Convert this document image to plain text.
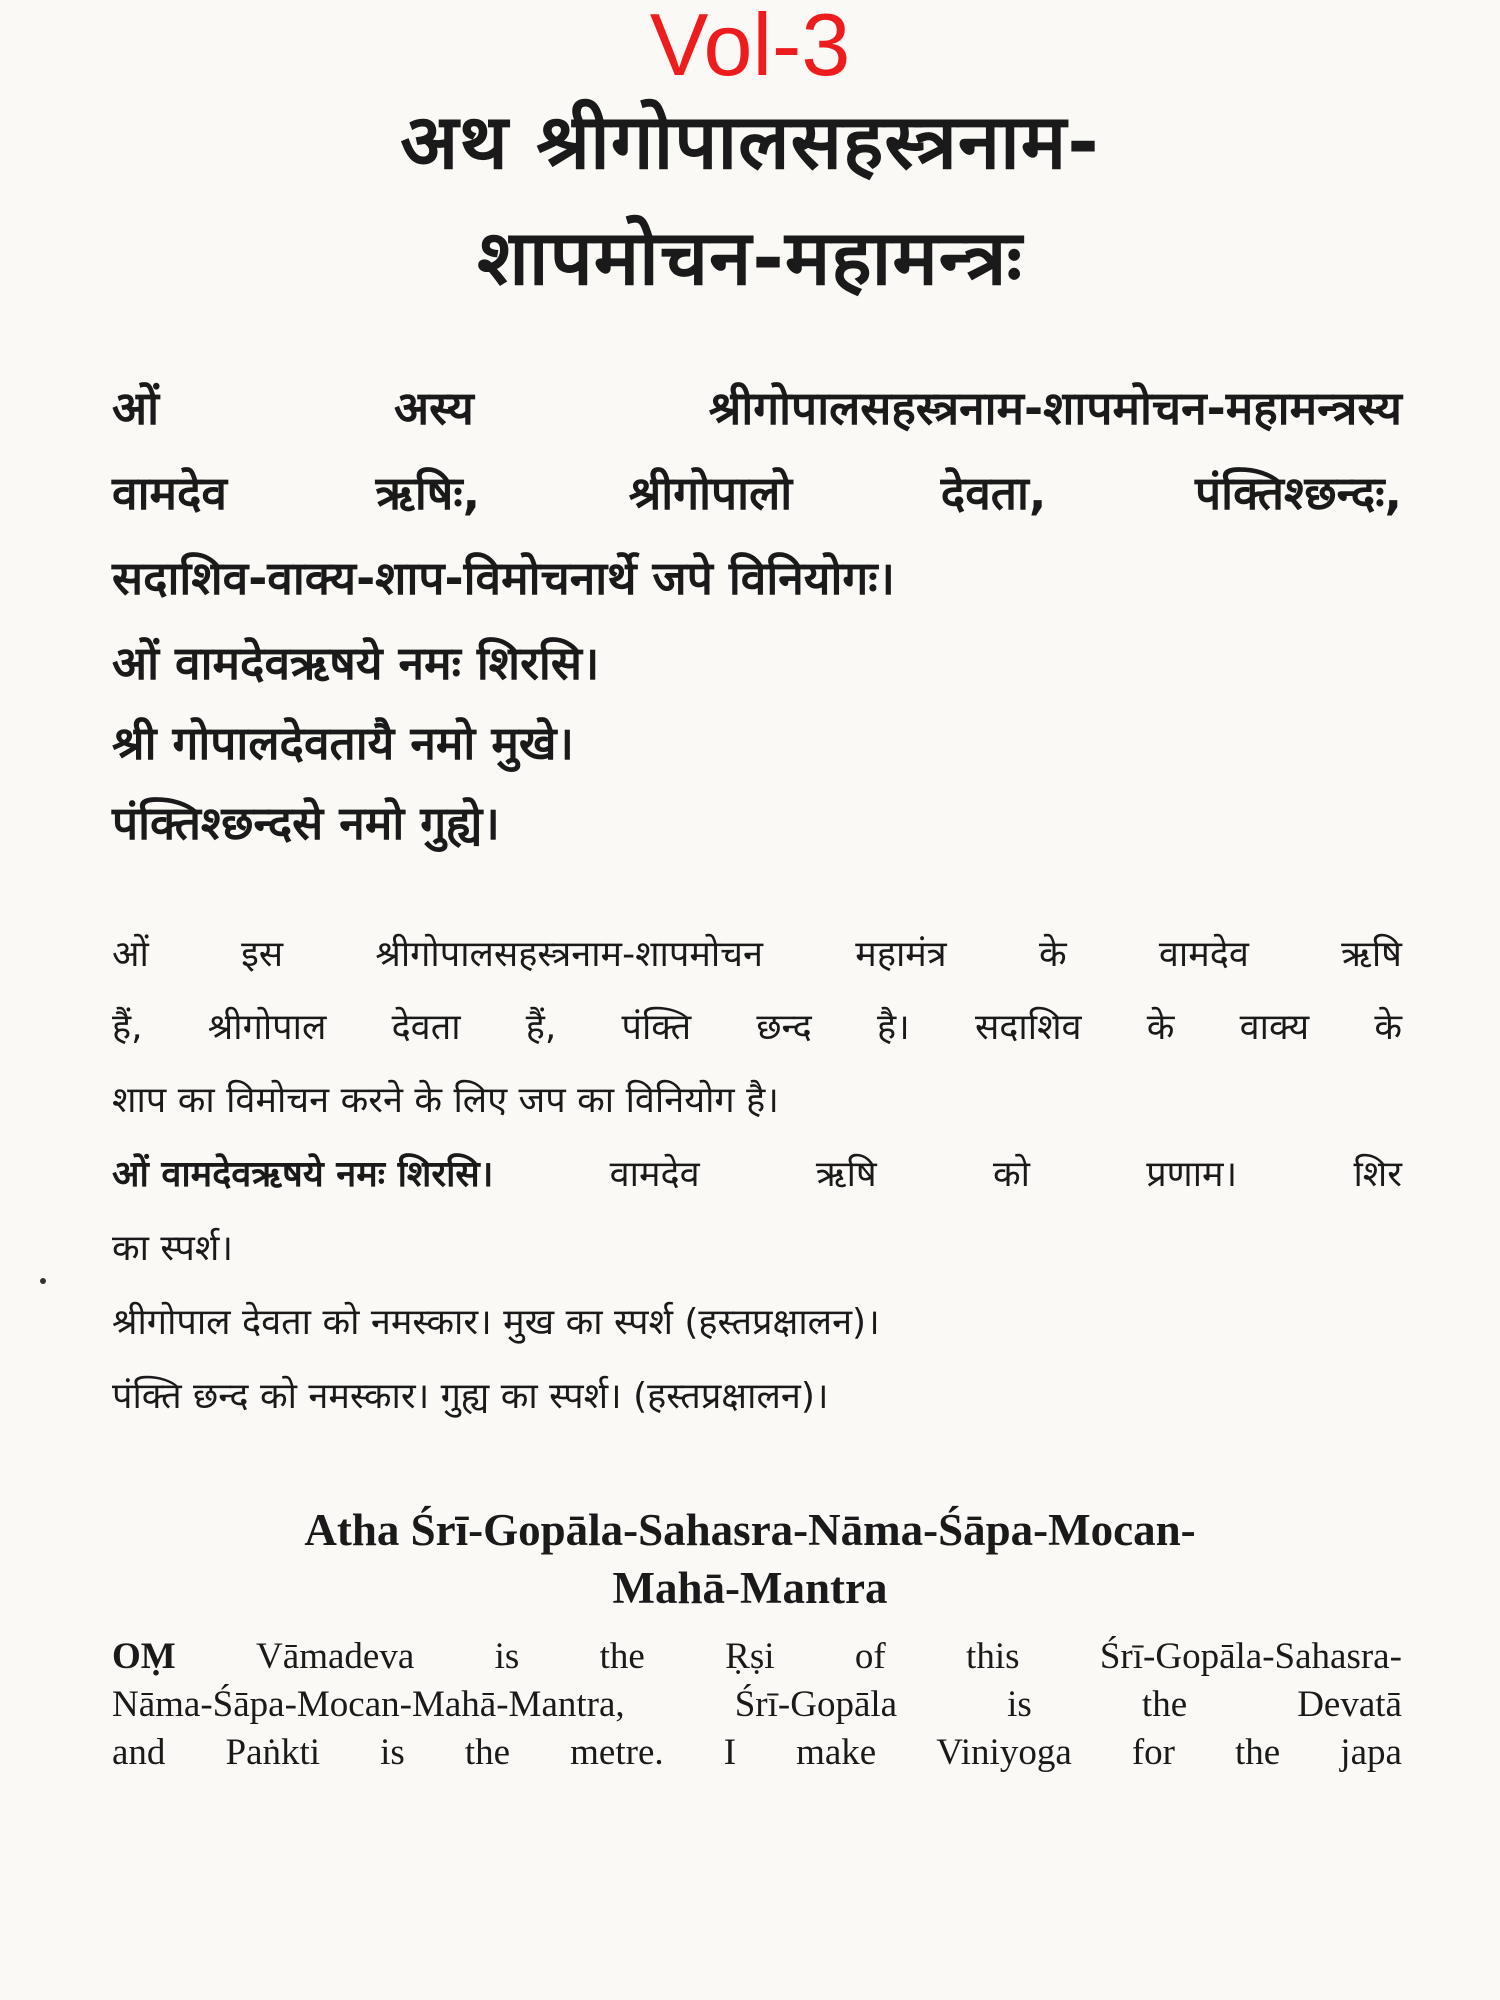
Vol-3
अथ श्रीगोपालसहस्त्रनाम-
शापमोचन-महामन्त्रः
ओं	अस्य	श्रीगोपालसहस्त्रनाम-शापमोचन-महामन्त्रस्य
वामदेव	ऋषिः,	श्रीगोपालो	देवता,	पंक्तिश्छन्दः,
सदाशिव-वाक्य-शाप-विमोचनार्थे जपे विनियोगः।
ओं वामदेवऋषये नमः शिरसि।
श्री गोपालदेवतायै नमो मुखे।
पंक्तिश्छन्दसे नमो गुह्ये।
ओं	इस	श्रीगोपालसहस्त्रनाम-शापमोचन	महामंत्र	के	वामदेव	ऋषि
हैं, श्रीगोपाल देवता हैं, पंक्ति छन्द है। सदाशिव के वाक्य के
शाप का विमोचन करने के लिए जप का विनियोग है।
ओं वामदेवऋषये नमः शिरसि।	वामदेव	ऋषि	को	प्रणाम।	शिर
का स्पर्श।
श्रीगोपाल देवता को नमस्कार। मुख का स्पर्श (हस्तप्रक्षालन)।
पंक्ति छन्द को नमस्कार। गुह्य का स्पर्श। (हस्तप्रक्षालन)।
Atha Śrī-Gopāla-Sahasra-Nāma-Śāpa-Mocan-
Mahā-Mantra
OṂ Vāmadeva is the Ṛṣi of this Śrī-Gopāla-Sahasra-
Nāma-Śāpa-Mocan-Mahā-Mantra,	Śrī-Gopāla	is	the	Devatā
and Paṅkti is the metre. I make Viniyoga for the japa
